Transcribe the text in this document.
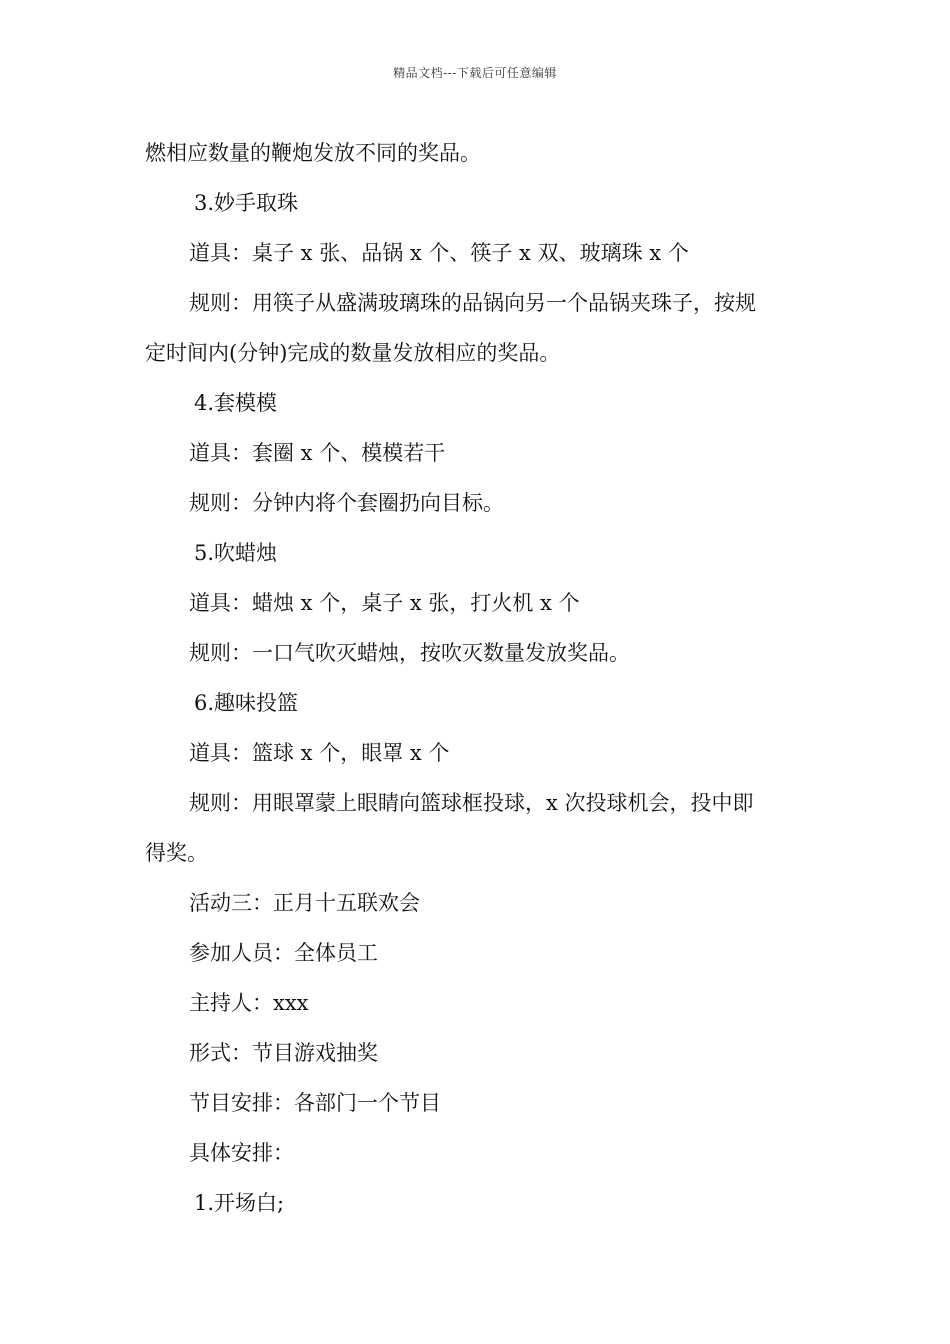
精品文档---下载后可任意编辑
燃相应数量的鞭炮发放不同的奖品。
3.妙手取珠
道具：桌子 x 张、品锅 x 个、筷子 x 双、玻璃珠 x 个
规则：用筷子从盛满玻璃珠的品锅向另一个品锅夹珠子，按规
定时间内(分钟)完成的数量发放相应的奖品。
4.套模模
道具：套圈 x 个、模模若干
规则：分钟内将个套圈扔向目标。
5.吹蜡烛
道具：蜡烛 x 个，桌子 x 张，打火机 x 个
规则：一口气吹灭蜡烛，按吹灭数量发放奖品。
6.趣味投篮
道具：篮球 x 个，眼罩 x 个
规则：用眼罩蒙上眼睛向篮球框投球，x 次投球机会，投中即
得奖。
活动三：正月十五联欢会
参加人员：全体员工
主持人：xxx
形式：节目游戏抽奖
节目安排：各部门一个节目
具体安排：
1.开场白;
